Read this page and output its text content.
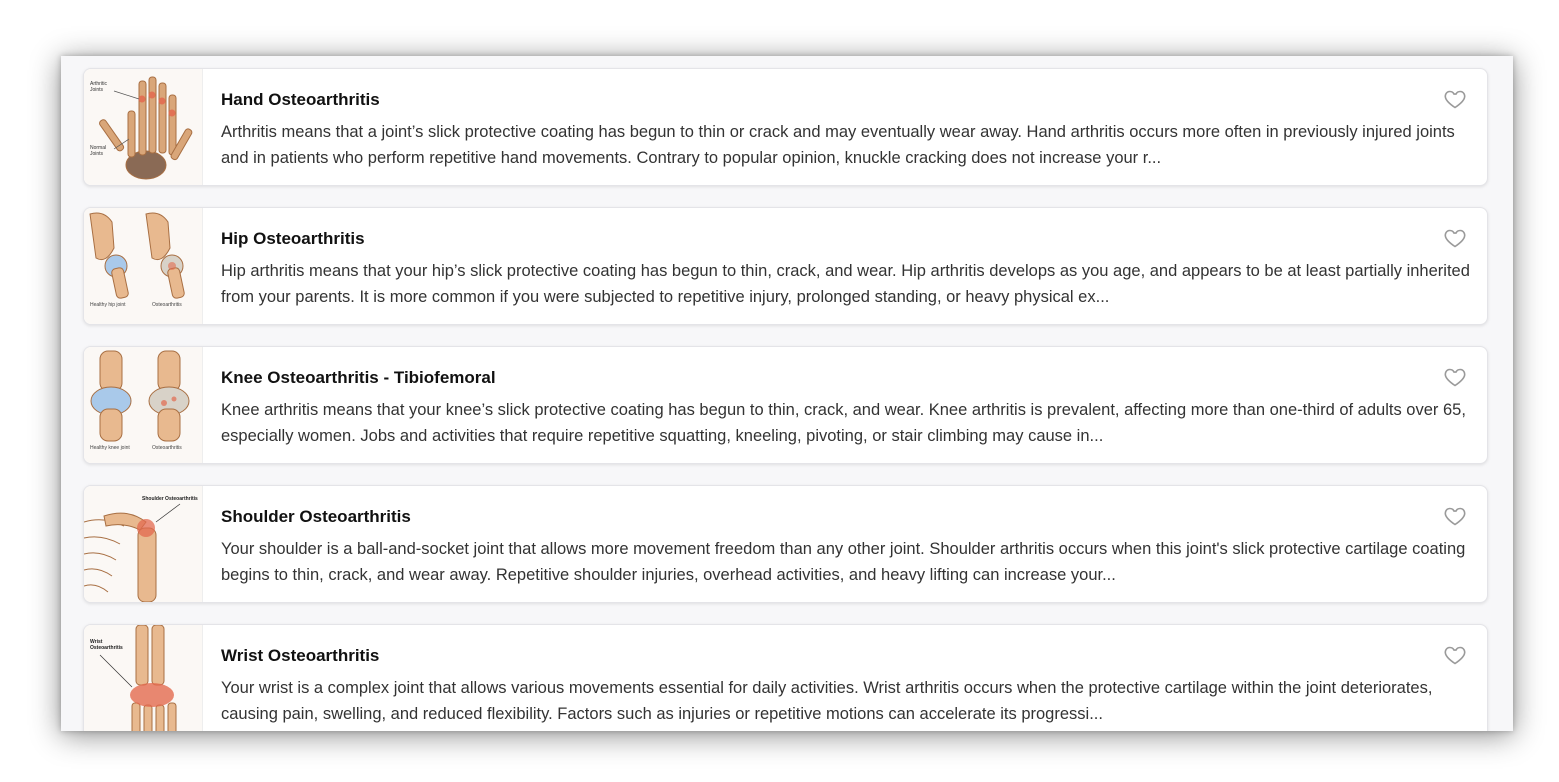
Arthritic Joints
Normal Joints
Hand Osteoarthritis
Arthritis means that a joint’s slick protective coating has begun to thin or crack and may eventually wear away. Hand arthritis occurs more often in previously injured joints and in patients who perform repetitive hand movements. Contrary to popular opinion, knuckle cracking does not increase your r...
Healthy hip joint	Osteoarthritis
Hip Osteoarthritis
Hip arthritis means that your hip’s slick protective coating has begun to thin, crack, and wear. Hip arthritis develops as you age, and appears to be at least partially inherited from your parents. It is more common if you were subjected to repetitive injury, prolonged standing, or heavy physical ex...
Healthy knee joint	Osteoarthritis
Knee Osteoarthritis - Tibiofemoral
Knee arthritis means that your knee’s slick protective coating has begun to thin, crack, and wear. Knee arthritis is prevalent, affecting more than one-third of adults over 65, especially women. Jobs and activities that require repetitive squatting, kneeling, pivoting, or stair climbing may cause in...
Shoulder Osteoarthritis
Shoulder Osteoarthritis
Your shoulder is a ball-and-socket joint that allows more movement freedom than any other joint. Shoulder arthritis occurs when this joint's slick protective cartilage coating begins to thin, crack, and wear away. Repetitive shoulder injuries, overhead activities, and heavy lifting can increase your...
Wrist Osteoarthritis	Wrist Osteoarthritis
Your wrist is a complex joint that allows various movements essential for daily activities. Wrist arthritis occurs when the protective cartilage within the joint deteriorates, causing pain, swelling, and reduced flexibility. Factors such as injuries or repetitive motions can accelerate its progressi...
